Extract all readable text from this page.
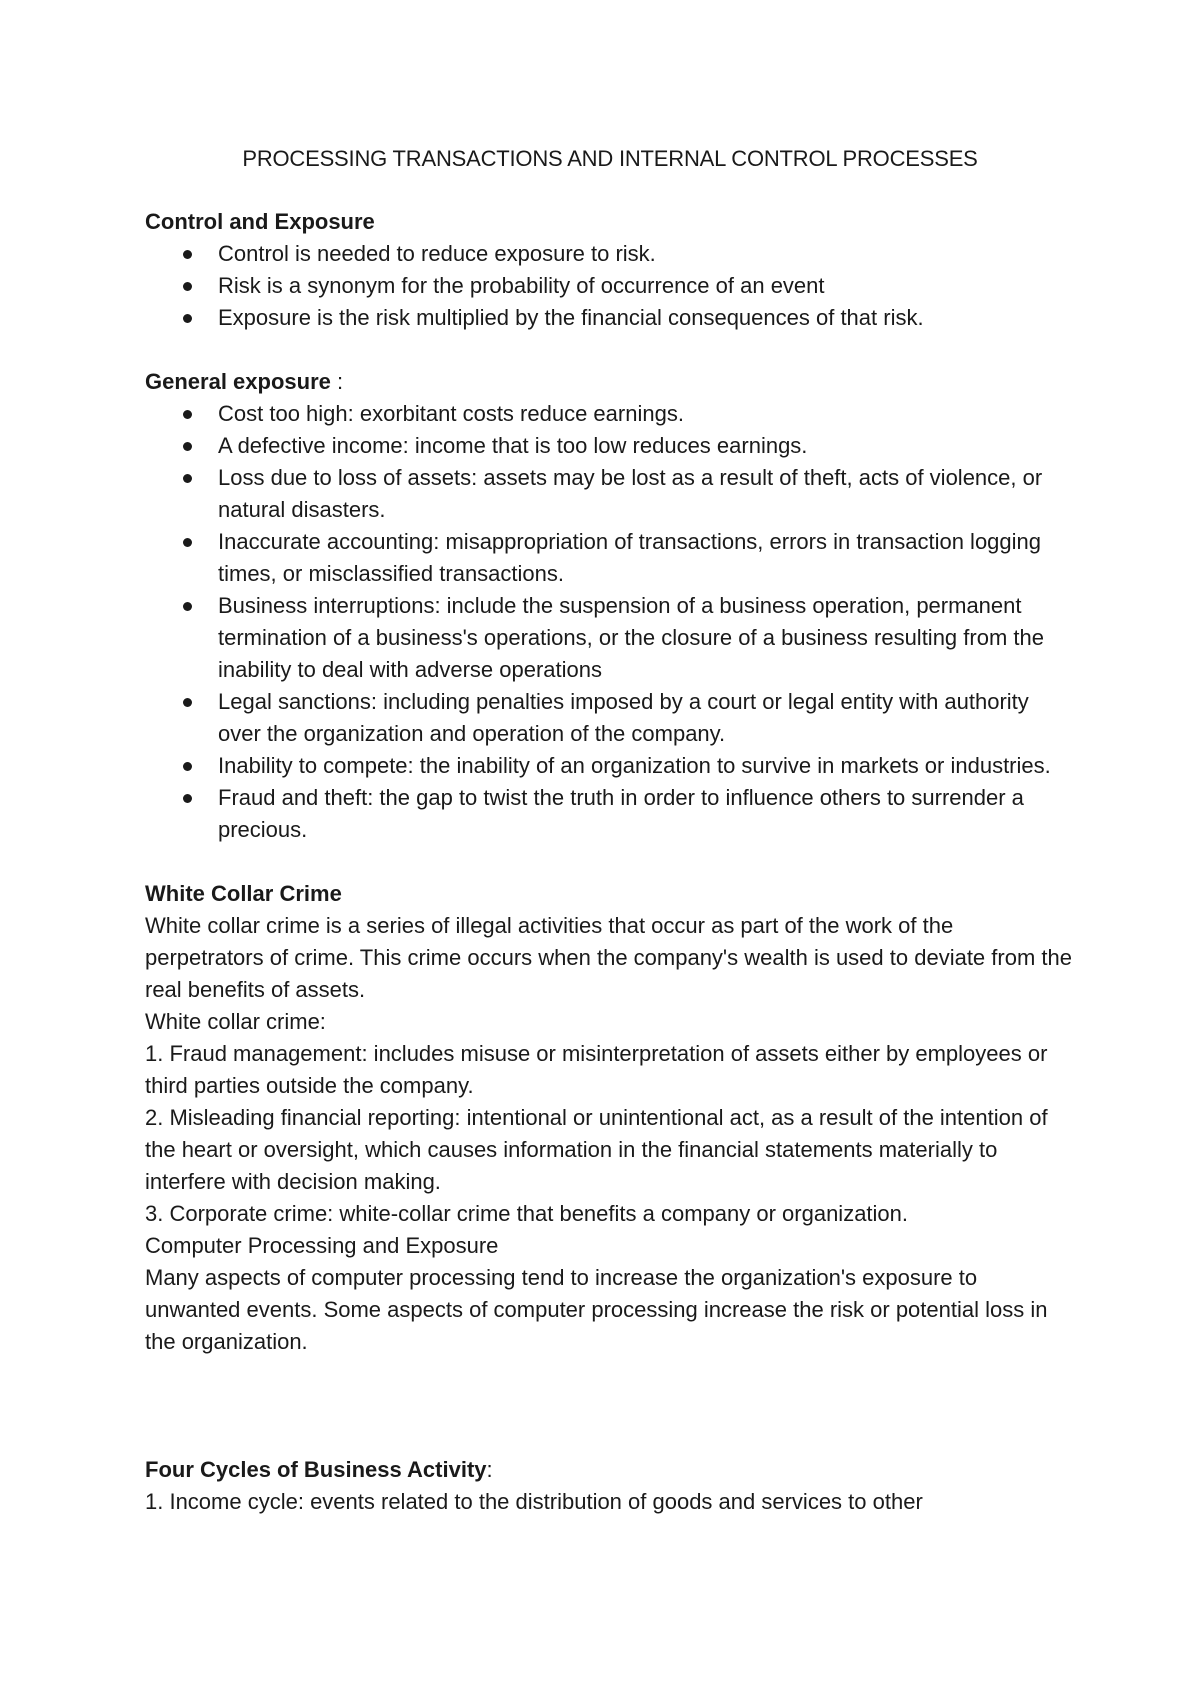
PROCESSING TRANSACTIONS AND INTERNAL CONTROL PROCESSES

Control and Exposure

Control is needed to reduce exposure to risk.
Risk is a synonym for the probability of occurrence of an event
Exposure is the risk multiplied by the financial consequences of that risk.

General exposure :

Cost too high: exorbitant costs reduce earnings.
A defective income: income that is too low reduces earnings.
Loss due to loss of assets: assets may be lost as a result of theft, acts of violence, or natural disasters.
Inaccurate accounting: misappropriation of transactions, errors in transaction logging times, or misclassified transactions.
Business interruptions: include the suspension of a business operation, permanent termination of a business's operations, or the closure of a business resulting from the inability to deal with adverse operations
Legal sanctions: including penalties imposed by a court or legal entity with authority over the organization and operation of the company.
Inability to compete: the inability of an organization to survive in markets or industries.
Fraud and theft: the gap to twist the truth in order to influence others to surrender a precious.

White Collar Crime

White collar crime is a series of illegal activities that occur as part of the work of the perpetrators of crime. This crime occurs when the company's wealth is used to deviate from the real benefits of assets.

White collar crime:

1. Fraud management: includes misuse or misinterpretation of assets either by employees or third parties outside the company.

2. Misleading financial reporting: intentional or unintentional act, as a result of the intention of the heart or oversight, which causes information in the financial statements materially to interfere with decision making.

3. Corporate crime: white-collar crime that benefits a company or organization.

Computer Processing and Exposure

Many aspects of computer processing tend to increase the organization's exposure to unwanted events. Some aspects of computer processing increase the risk or potential loss in the organization.

Four Cycles of Business Activity:

1. Income cycle: events related to the distribution of goods and services to other
